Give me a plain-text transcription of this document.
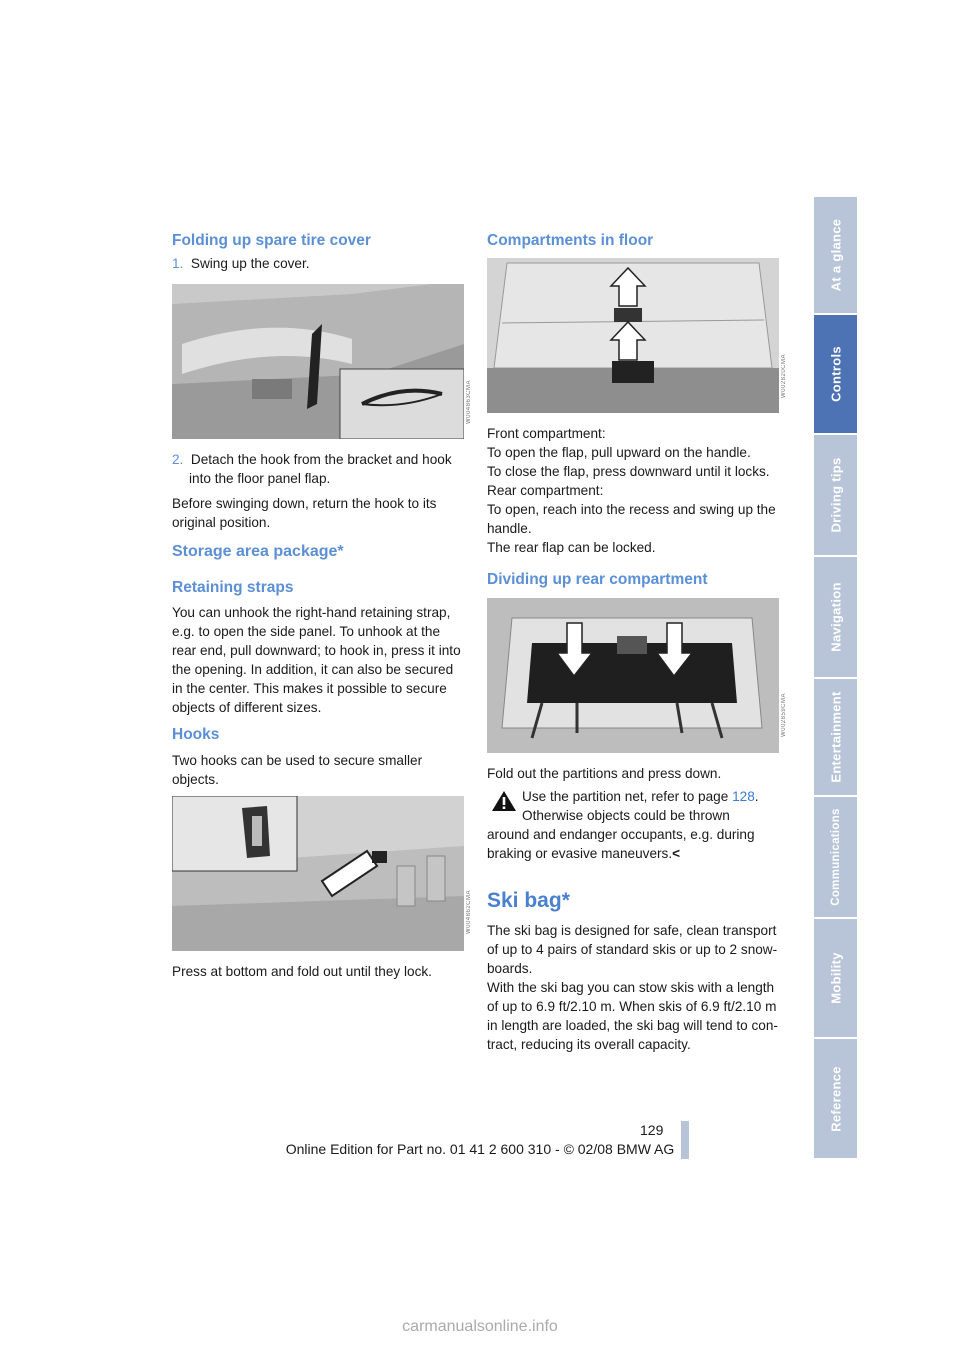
Folding up spare tire cover

1. Swing up the cover.

W004863CMA

2. Detach the hook from the bracket and hook

into the floor panel flap.

Before swinging down, return the hook to its

original position.

Storage area package*
Retaining straps

You can unhook the right-hand retaining strap,

e.g. to open the side panel. To unhook at the

rear end, pull downward; to hook in, press it into

the opening. In addition, it can also be secured

in the center. This makes it possible to secure

objects of different sizes.

Hooks

Two hooks can be used to secure smaller

objects.

W004862CMA

Press at bottom and fold out until they lock.

Compartments in floor
W002820CMA

Front compartment:

To open the flap, pull upward on the handle.

To close the flap, press downward until it locks.

Rear compartment:

To open, reach into the recess and swing up the

handle.

The rear flap can be locked.

Dividing up rear compartment
W002859CMA

Fold out the partitions and press down.

Use the partition net, refer to page 128.

Otherwise objects could be thrown

around and endanger occupants, e.g. during

braking or evasive maneuvers.<

Ski bag*

The ski bag is designed for safe, clean transport

of up to 4 pairs of standard skis or up to 2 snow-

boards.

With the ski bag you can stow skis with a length

of up to 6.9 ft/2.10 m. When skis of 6.9 ft/2.10 m

in length are loaded, the ski bag will tend to con-

tract, reducing its overall capacity.

At a glance
Controls
Driving tips
Navigation
Entertainment
Communications
Mobility
Reference
129
Online Edition for Part no. 01 41 2 600 310 - © 02/08 BMW AG
carmanualsonline.info
